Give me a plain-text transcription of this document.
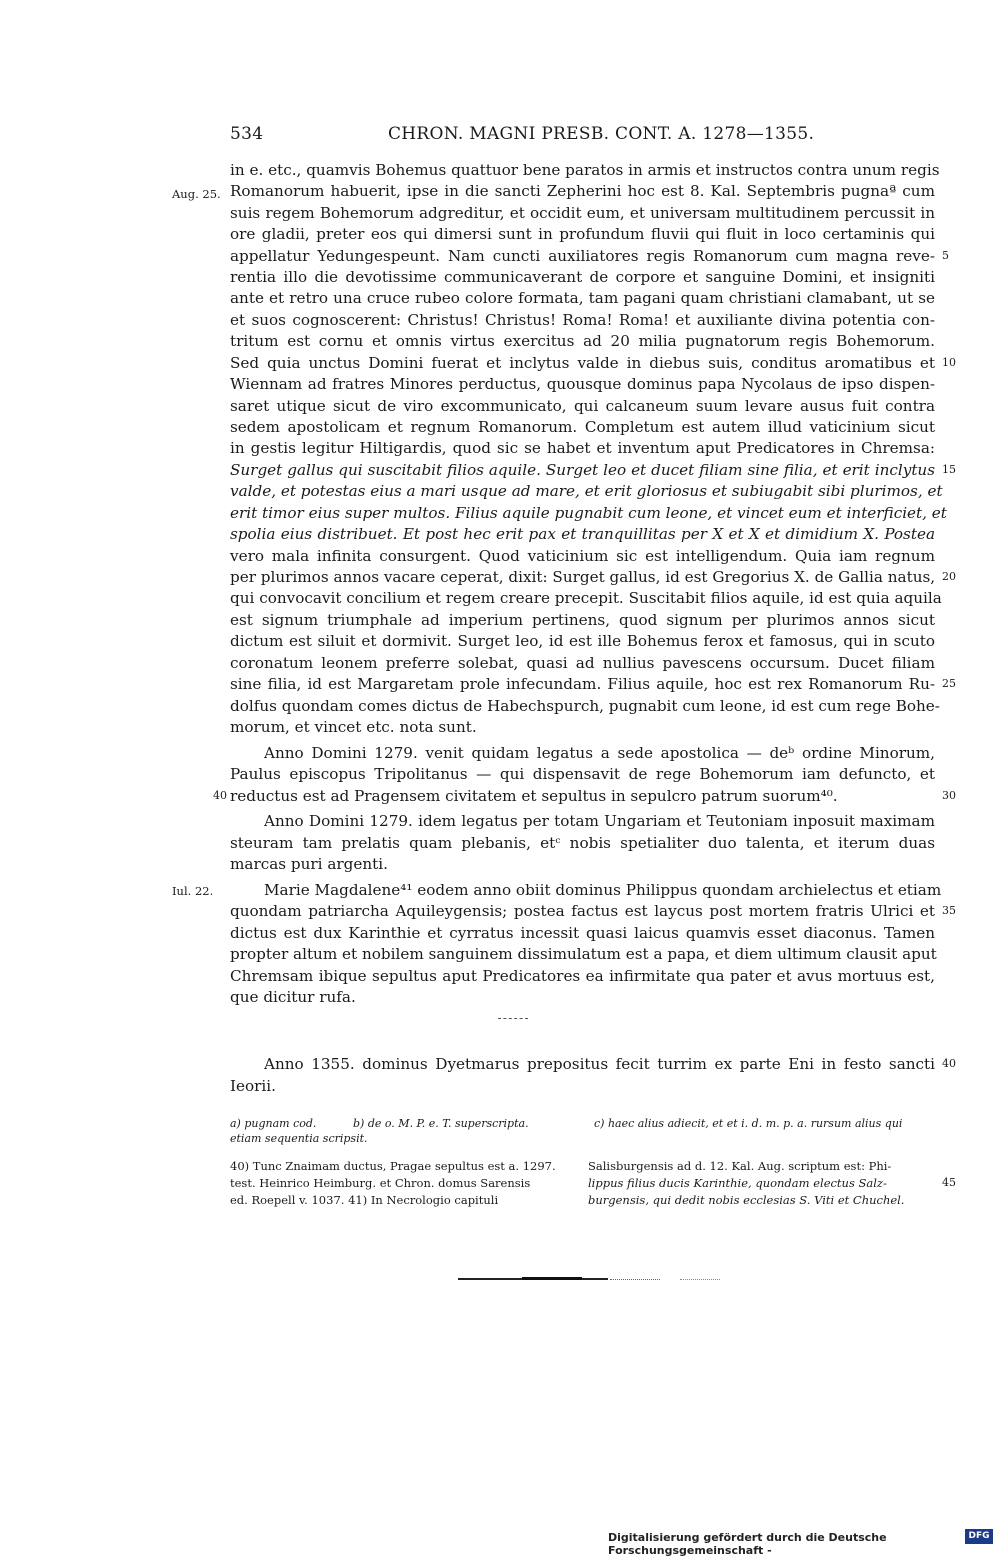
534	CHRON. MAGNI PRESB. CONT. A. 1278—1355.
Aug. 25.
Iul. 22.
in e. etc., quamvis Bohemus quattuor bene paratos in armis et instructos contra unum regis
Romanorum habuerit, ipse in die sancti Zepherini hoc est 8. Kal. Septembris pugnaª cum
suis regem Bohemorum adgreditur, et occidit eum, et universam multitudinem percussit in
ore gladii, preter eos qui dimersi sunt in profundum fluvii qui fluit in loco certaminis qui
appellatur Yedungespeunt. Nam cuncti auxiliatores regis Romanorum cum magna reve-
rentia illo die devotissime communicaverant de corpore et sanguine Domini, et insigniti
ante et retro una cruce rubeo colore formata, tam pagani quam christiani clamabant, ut se
et suos cognoscerent: Christus! Christus! Roma! Roma! et auxiliante divina potentia con-
tritum est cornu et omnis virtus exercitus ad 20 milia pugnatorum regis Bohemorum.
Sed quia unctus Domini fuerat et inclytus valde in diebus suis, conditus aromatibus et
Wiennam ad fratres Minores perductus, quousque dominus papa Nycolaus de ipso dispen-
saret utique sicut de viro excommunicato, qui calcaneum suum levare ausus fuit contra
sedem apostolicam et regnum Romanorum. Completum est autem illud vaticinium sicut
in gestis legitur Hiltigardis, quod sic se habet et inventum aput Predicatores in Chremsa:
Surget gallus qui suscitabit filios aquile. Surget leo et ducet filiam sine filia, et erit inclytus
valde, et potestas eius a mari usque ad mare, et erit gloriosus et subiugabit sibi plurimos, et
erit timor eius super multos. Filius aquile pugnabit cum leone, et vincet eum et interficiet, et
spolia eius distribuet. Et post hec erit pax et tranquillitas per X et X et dimidium X. Postea
vero mala infinita consurgent. Quod vaticinium sic est intelligendum. Quia iam regnum
per plurimos annos vacare ceperat, dixit: Surget gallus, id est Gregorius X. de Gallia natus,
qui convocavit concilium et regem creare precepit. Suscitabit filios aquile, id est quia aquila
est signum triumphale ad imperium pertinens, quod signum per plurimos annos sicut
dictum est siluit et dormivit. Surget leo, id est ille Bohemus ferox et famosus, qui in scuto
coronatum leonem preferre solebat, quasi ad nullius pavescens occursum. Ducet filiam
sine filia, id est Margaretam prole infecundam. Filius aquile, hoc est rex Romanorum Ru-
dolfus quondam comes dictus de Habechspurch, pugnabit cum leone, id est cum rege Bohe-
morum, et vincet etc. nota sunt.
Anno Domini 1279. venit quidam legatus a sede apostolica — deᵇ ordine Minorum,
Paulus episcopus Tripolitanus — qui dispensavit de rege Bohemorum iam defuncto, et
reductus est ad Pragensem civitatem et sepultus in sepulcro patrum suorum⁴⁰.
Anno Domini 1279. idem legatus per totam Ungariam et Teutoniam inposuit maximam
steuram tam prelatis quam plebanis, etᶜ nobis spetialiter duo talenta, et iterum duas
marcas puri argenti.
Marie Magdalene⁴¹ eodem anno obiit dominus Philippus quondam archielectus et etiam
quondam patriarcha Aquileygensis; postea factus est laycus post mortem fratris Ulrici et
dictus est dux Karinthie et cyrratus incessit quasi laicus quamvis esset diaconus. Tamen
propter altum et nobilem sanguinem dissimulatum est a papa, et diem ultimum clausit aput
Chremsam ibique sepultus aput Predicatores ea infirmitate qua pater et avus mortuus est,
que dicitur rufa.
Anno 1355. dominus Dyetmarus prepositus fecit turrim ex parte Eni in festo sancti
Ieorii.
5
10
15
20
25
30
35
40
45
40
a) pugnam cod.	b) de o. M. P. e. T. superscripta.	c) haec alius adiecit, et et i. d. m. p. a. rursum alius qui
etiam sequentia scripsit.
40) Tunc Znaimam ductus, Pragae sepultus est a. 1297.
test. Heinrico Heimburg. et Chron. domus Sarensis
ed. Roepell v. 1037. 41) In Necrologio capituli
Salisburgensis ad d. 12. Kal. Aug. scriptum est: Phi-
lippus filius ducis Karinthie, quondam electus Salz-
burgensis, qui dedit nobis ecclesias S. Viti et Chuchel.
Digitalisierung gefördert durch die Deutsche Forschungsgemeinschaft -
DFG
